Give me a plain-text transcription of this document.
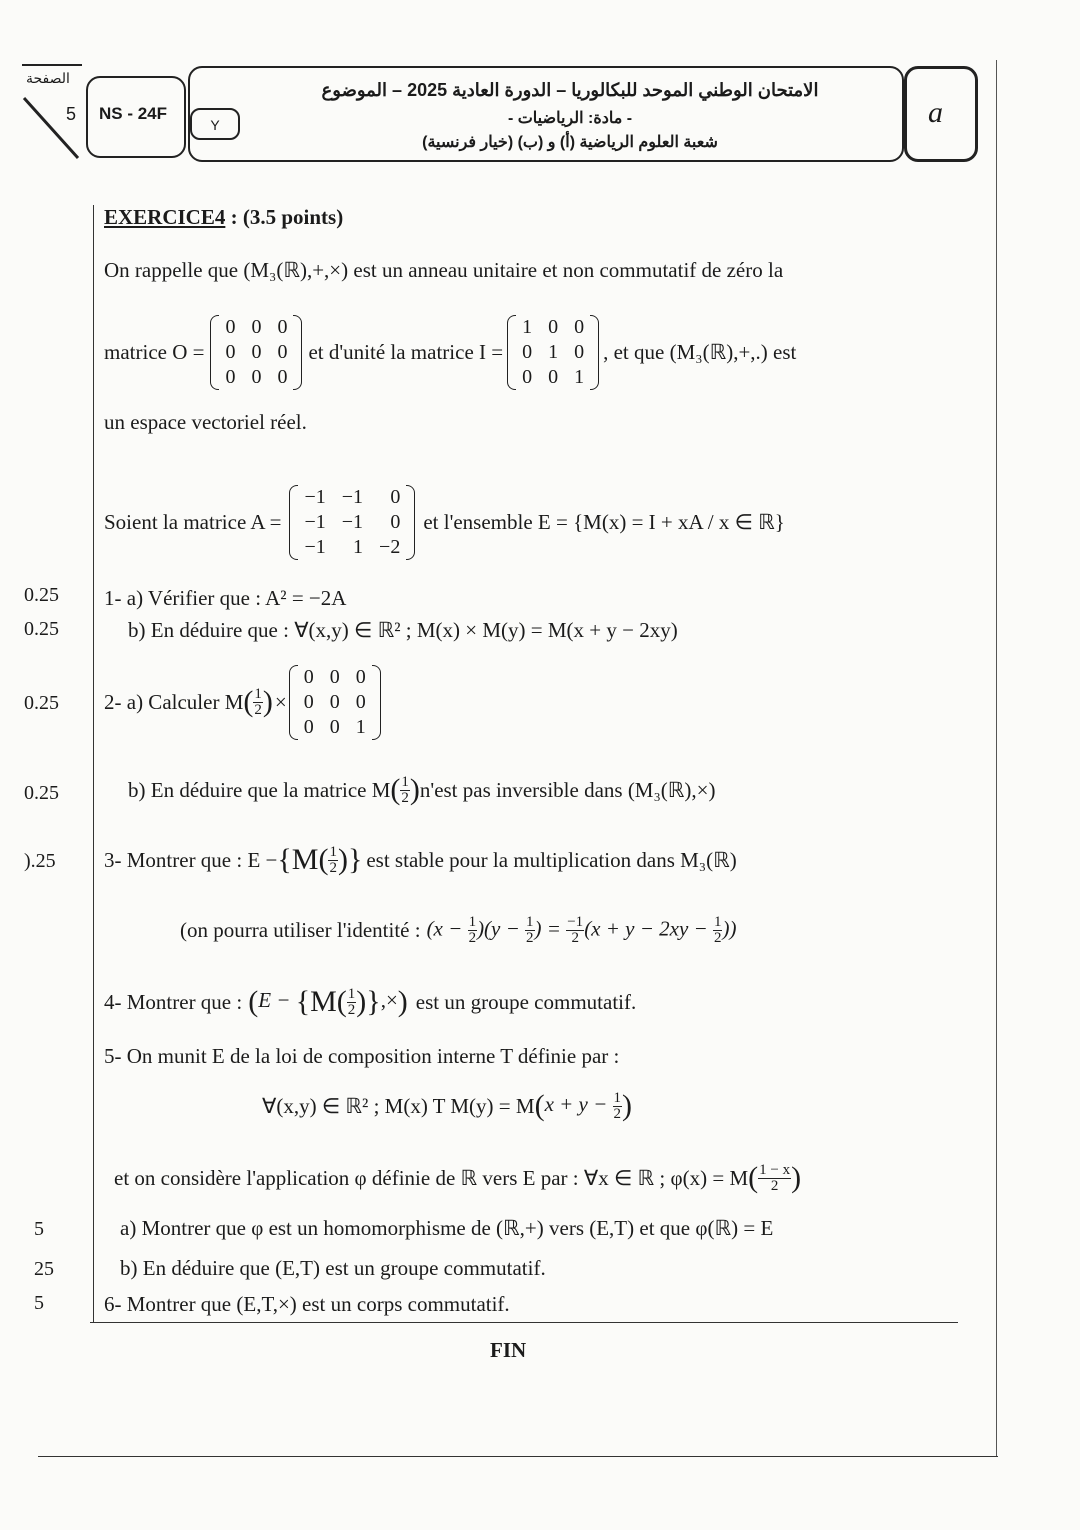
الصفحة
5 NS - 24F
Y
الامتحان الوطني الموحد للبكالوريا – الدورة العادية 2025 – الموضوع
- مادة: الرياضيات -
شعبة العلوم الرياضية (أ) و (ب) (خيار فرنسية)
a
EXERCICE4 : (3.5 points)
On rappelle que (M₃(ℝ),+,×) est un anneau unitaire et non commutatif de zéro la
matrice O =
0	0	0
0	0	0
0	0	0
et d'unité la matrice I =
1	0	0
0	1	0
0	0	1
, et que (M₃(ℝ),+,.) est
un espace vectoriel réel.
Soient la matrice A =
−1	−1	0
−1	−1	0
−1	1	−2
et l'ensemble E = {M(x) = I + xA / x ∈ ℝ}
0.25
0.25
0.25
0.25
).25
5
25
5
1- a) Vérifier que : A² = −2A
b) En déduire que : ∀(x,y) ∈ ℝ² ; M(x) × M(y) = M(x + y − 2xy)
2- a) Calculer M ( $\frac{1}{2}$ ) ×
0	0	0
0	0	0
0	0	1
b) En déduire que la matrice M ( $\frac{1}{2}$ ) n'est pas inversible dans (M₃(ℝ),×)
3- Montrer que : $E - \{M( \frac{1}{2}$ )} est stable pour la multiplication dans M₃(ℝ)
(on pourra utiliser l'identité : $(x - \frac{1}{2} )(y - \frac{1}{2}$ ) = $\frac{-1}{2} (x + y - 2xy - \frac{1}{2}$ ))
4- Montrer que : ($E - \{M( \frac{1}{2}$ )},×) est un groupe commutatif.
5- On munit E de la loi de composition interne T définie par :
∀(x,y) ∈ ℝ² ; M(x) T M(y) = M ($x + y - \frac{1}{2}$ )
et on considère l'application φ définie de ℝ vers E par : ∀x ∈ ℝ ; φ(x) = M ( $\frac{1 - x}{2}$ )
a) Montrer que φ est un homomorphisme de (ℝ,+) vers (E,T) et que φ(ℝ) = E
b) En déduire que (E,T) est un groupe commutatif.
6- Montrer que (E,T,×) est un corps commutatif.
FIN
